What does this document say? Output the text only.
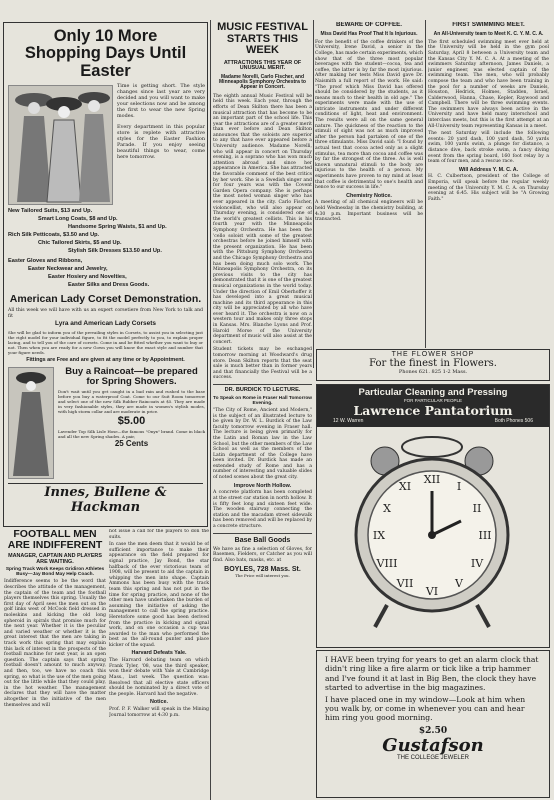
Only 10 More Shopping Days Until Easter

Time is getting short. The style changes since last year are very decided and you will want to make your selections now and be among the first to wear the new Spring modes.

Every department in this popular store is replete with attractive styles for the Easter Fashion Parade. If you enjoy seeing beautiful things to wear, come here tomorrow.

New Tailored Suits, $13 and Up.
Smart Long Coats, $8 and Up.
Handsome Spring Waists, $1 and Up.
Rich Silk Petticoats, $3.50 and Up.
Chic Tailored Skirts, $5 and Up.
Stylish Silk Dresses $13.50 and Up.
Easter Gloves and Ribbons,
Easter Neckwear and Jewelry,
Easter Hosiery and Novelties,
Easter Silks and Dress Goods.
American Lady Corset Demonstration.
All this week we will have with us an expert corsetiere from New York to talk and fit
Lyra and American Lady Corsets
She will be glad to inform you of the prevailing styles in Corsets, to assist you in selecting just the right model for your individual figure, to fit the model perfectly to you, to explain proper lacing, and to tell you of the care of corsets. Come in and be fitted whether you want to buy or not. Then when you are ready for a new Gown you will know the exact style and number that your figure needs.
Fittings are Free and are given at any time or by Appointment.
Buy a Raincoat—be prepared for Spring Showers.
Don't wait until you get caught in a bad rain and rushed to the base before you buy a waterproof Coat. Come to our Suit Room tomorrow and select one of the new Silk Rubber Raincoats at $5. They are made in very fashionable styles, they are made in women's stylish modes, with high storm collar and are moderate in price.
$5.00
Lavender Top Silk Lisle Hose—the famous "Onyx" brand. Come in black and all the new Spring shades. A pair,
25 Cents
Innes, Bullene & Hackman
FOOTBALL MEN ARE INDIFFERENT
MANAGER, CAPTAIN AND PLAYERS ARE WAITING.
Spring Track Work Keeps Gridiron Athletes Busy—Jay Bond May Help Coach.
Indifference seems to be the word that describes the attitude of the management, the captain of the team and the football players themselves this spring. Usually the first day of April sees the men out on the golf links west of McCook field dressed in moleskins and kicking the old long spheroid in spirals that promise much for the next year. Whether it is the peculiar and varied weather or whether it is the great interest that the men are taking in track work this spring that may explain this lack of interest in the prospects of the football machine for next year, is an open question. The captain says that spring football doesn't amount to much anyway, and then, too, we have no coach this spring, so what is the use of the men going out for the little while that they could play, in the hot weather. The management declares that they will have the matter altogether in the initiative of the men themselves and will
not issue a call for the players to don the suits.
In case the men deem that it would be of sufficient importance to make their appearance on the field prepared for signal practice, Jay Bond, the star halfback of the ever victorious team of 1908, will be present to aid the captain in whipping the men into shape. Captain Ammons has been busy with the track team this spring and has not put in the time for spring practice, and none of the other men have undertaken the burden of assuming the initiative of asking the management to call the spring practice. Heretofore some good has been derived from the practice in kicking and signal work, and on one occasion a cup was awarded to the man who performed the best as the all-round punter and place kicker of the squad.
Harvard Defeats Yale.
The Harvard debating team on which Frank Tyler, '08, was the third speaker, won their debate with Yale at Cambridge Mass., last week. The question was: Resolved that all elective state officers should be nominated by a direct vote of the people. Harvard had the negative.
Notice.
Prof. P. F. Walker will speak in the Mining Journal tomorrow at 4:30 p.m.
MUSIC FESTIVAL STARTS THIS WEEK
ATTRACTIONS THIS YEAR OF UNUSUAL MERIT.
Madame Norelli, Carlo Fischer, and Minneapolis Symphony Orchestra to Appear in Concert.
The eighth annual Music Festival will be held this week. Each year, through the efforts of Dean Skilton there has been a musical attraction that has become to be an important part of the school life. This year the attractions are of a greater merit than ever before and Dean Skilton announces that the soloists are superior to any that have ever appeared before a University audience. Madame Norelli, who will appear in concert on Thursday evening, is a soprano who has won much attention abroad and since her appearance in America. She has attracted the favorable comment of the best critics by her work. She is a Swedish singer and for four years was with the Covent Garden Opera company. She is perhaps the most noted woman singer who has ever appeared in the city. Carlo Fischer, violoncellist, who will also appear on Thursday evening, is considered one of the world's greatest cellists. This is his fourth year with the Minneapolis Symphony Orchestra. He has been the 'cello soloist with some of the greatest orchestras before he joined himself with the present organization. He has been with the Pittsburg Symphony Orchestra and the Chicago Symphony Orchestra and has been doing much solo work. The Minneapolis Symphony Orchestra, on its previous visits to the city has demonstrated that it is one of the greatest musical organizations in the world today. Under the direction of Emil Oberhoffer it has developed into a great musical machine and its third appearance in this city will be appreciated by all who have ever heard it. The orchestra is now on a western tour and makes only three stops in Kansas. Mrs. Blanche Lyons and Prof. Harold Morse of the University department of music will also assist at the concert.
Student tickets may be exchanged tomorrow morning at Woodward's drug store. Dean Skilton reports that the seat sale is much better than in former years and that financially the Festival will be a success.
DR. BURDICK TO LECTURE.
To Speak on Rome in Fraser Hall Tomorrow Evening.
"The City of Rome, Ancient and Modern," is the subject of an illustrated lecture to be given by Dr. W. L. Burdick of the Law faculty tomorrow evening in Fraser hall. The lecture is being given primarily for the Latin and Roman law in the Law School, but the other members of the Law School as well as the members of the Latin department of the College have been invited. Dr. Burdick has made an extended study of Rome and has a number of interesting and valuable slides of noted scenes about the great city.
Improve North Hollow.
A concrete platform has been completed at the street car station in north hollow. It is fifty feet long and sixteen feet wide. The wooden stairway connecting the station and the macadam street sidewalk has been removed and will be replaced by a concrete structure.
Base Ball Goods
We have as fine a selection of Gloves, for Basemen, Fielders, or Catcher as you will find. Also bats, masks, etc. at
BOYLES, 728 Mass. St.
The Price will interest you.
BEWARE OF COFFEE.
Miss David Has Proof That It Is Injurious.
For the benefit of the coffee drinkers of the University, Irene David, a senior in the College, has made certain experiments, which show that of the three most popular beverages with the student—cocoa, tea and coffee, the latter is by far the most injurious. After making her tests Miss David gave Dr. Naismith a full report of the work. He said: "The proof which Miss David has offered should be considered by the students, as it means much to their health in old age." The experiments were made with the use of intricate instruments and under different conditions of light, heat and environment. The results were all on the same general nature. The quickness of the reaction to the stimuli of sight was not as much improved after the person had partaken of one of the three stimulants. Miss David said: "I found by actual test that cocoa acted only as a slight stimulus, tea more than cocoa and coffee was by far the strongest of the three. As is well known unnatural stimuli to the body are injurious to the health of a person. My experiments have proven to my mind at least that coffee is detrimental to one's health and hence to our success in life."
Chemistry Notice.
A meeting of all chemical engineers will be held Wednesday in the chemistry building, at 4:30 p.m. Important business will be transacted.
FIRST SWIMMING MEET.
An All-University team to Meet K. C. Y. M. C. A.
The first scheduled swimming meet ever held at the University will be held in the gym pool Saturday, April 8 between a University team and the Kansas City Y. M. C. A. At a meeting of the swimmers Saturday afternoon, James Daniels, a junior engineer, was elected captain of the swimming team. The men, who will probably compose the team and who have been training in the pool for a number of weeks are Daniels, Houston, Hedrick, Holmes, Stadden, Israel, Calderwood, Hanna, Chase, Kepler, Raywood and Campbell. There will be three swimming events. The swimmers have always been active in the University and have held many interschool and interclass meets, but this is the first attempt at an All-University team representing Kansas in a meet.
The next Saturday will include the following events: 20 yard dash, 100 yard dash, 50 yards swim, 100 yards swim, a plunge for distance, a distance dive, back stroke swim, a fancy diving event from the spring board, 160 foot relay by a team of four men, and a rescue race.
Will Address Y. M. C. A.
H. C. Culbertson, president of the College of Emporia, will speak before the regular weekly meeting of the University Y. M. C. A. on Thursday evening at 6:45. His subject will be "A Growing Faith."
THE FLOWER SHOP
For the finest in Flowers.
Phones 621. 825 1-2 Mass.
Particular Cleaning and Pressing
FOR PARTICULAR PEOPLE
Lawrence Pantatorium
12 W. Warren	Both Phones 506
XII
III
VI
IX
I
II
IV
V
VII
VIII
X
XI
I HAVE been trying for years to get an alarm clock that didn't ring like a fire alarm or tick like a trip hammer and I've found it at last in Big Ben, the clock they have started to advertise in the big magazines.
I have placed one in my window—Look at him when you walk by, or come in whenever you can and hear him ring you good morning.
$2.50
Gustafson
THE COLLEGE JEWELER
